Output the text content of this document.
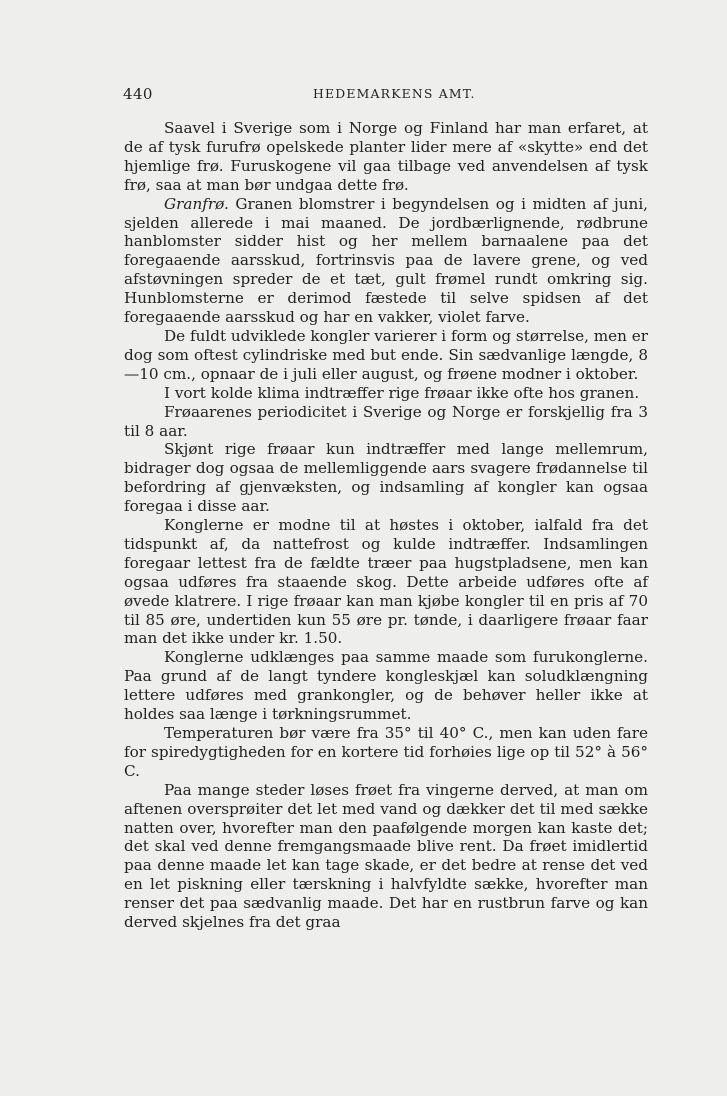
440	HEDEMARKENS AMT.

Saavel i Sverige som i Norge og Finland har man erfaret, at de af tysk furufrø opelskede planter lider mere af «skytte» end det hjemlige frø. Furuskogene vil gaa tilbage ved anvendelsen af tysk frø, saa at man bør undgaa dette frø.

Granfrø. Granen blomstrer i begyndelsen og i midten af juni, sjelden allerede i mai maaned. De jordbærlignende, rødbrune hanblomster sidder hist og her mellem barnaalene paa det foregaaende aarsskud, fortrinsvis paa de lavere grene, og ved afstøvningen spreder de et tæt, gult frømel rundt omkring sig. Hunblomsterne er derimod fæstede til selve spidsen af det foregaaende aarsskud og har en vakker, violet farve.

De fuldt udviklede kongler varierer i form og størrelse, men er dog som oftest cylindriske med but ende. Sin sædvanlige længde, 8—10 cm., opnaar de i juli eller august, og frøene modner i oktober.

I vort kolde klima indtræffer rige frøaar ikke ofte hos granen.

Frøaarenes periodicitet i Sverige og Norge er forskjellig fra 3 til 8 aar.

Skjønt rige frøaar kun indtræffer med lange mellemrum, bidrager dog ogsaa de mellemliggende aars svagere frødannelse til befordring af gjenvæksten, og indsamling af kongler kan ogsaa foregaa i disse aar.

Konglerne er modne til at høstes i oktober, ialfald fra det tidspunkt af, da nattefrost og kulde indtræffer. Indsamlingen foregaar lettest fra de fældte træer paa hugstpladsene, men kan ogsaa udføres fra staaende skog. Dette arbeide udføres ofte af øvede klatrere. I rige frøaar kan man kjøbe kongler til en pris af 70 til 85 øre, undertiden kun 55 øre pr. tønde, i daarligere frøaar faar man det ikke under kr. 1.50.

Konglerne udklænges paa samme maade som furukonglerne. Paa grund af de langt tyndere kongleskjæl kan soludklængning lettere udføres med grankongler, og de behøver heller ikke at holdes saa længe i tørkningsrummet.

Temperaturen bør være fra 35° til 40° C., men kan uden fare for spiredygtigheden for en kortere tid forhøies lige op til 52° à 56° C.

Paa mange steder løses frøet fra vingerne derved, at man om aftenen oversprøiter det let med vand og dækker det til med sække natten over, hvorefter man den paafølgende morgen kan kaste det; det skal ved denne fremgangsmaade blive rent. Da frøet imidlertid paa denne maade let kan tage skade, er det bedre at rense det ved en let piskning eller tærskning i halvfyldte sække, hvorefter man renser det paa sædvanlig maade. Det har en rustbrun farve og kan derved skjelnes fra det graa
